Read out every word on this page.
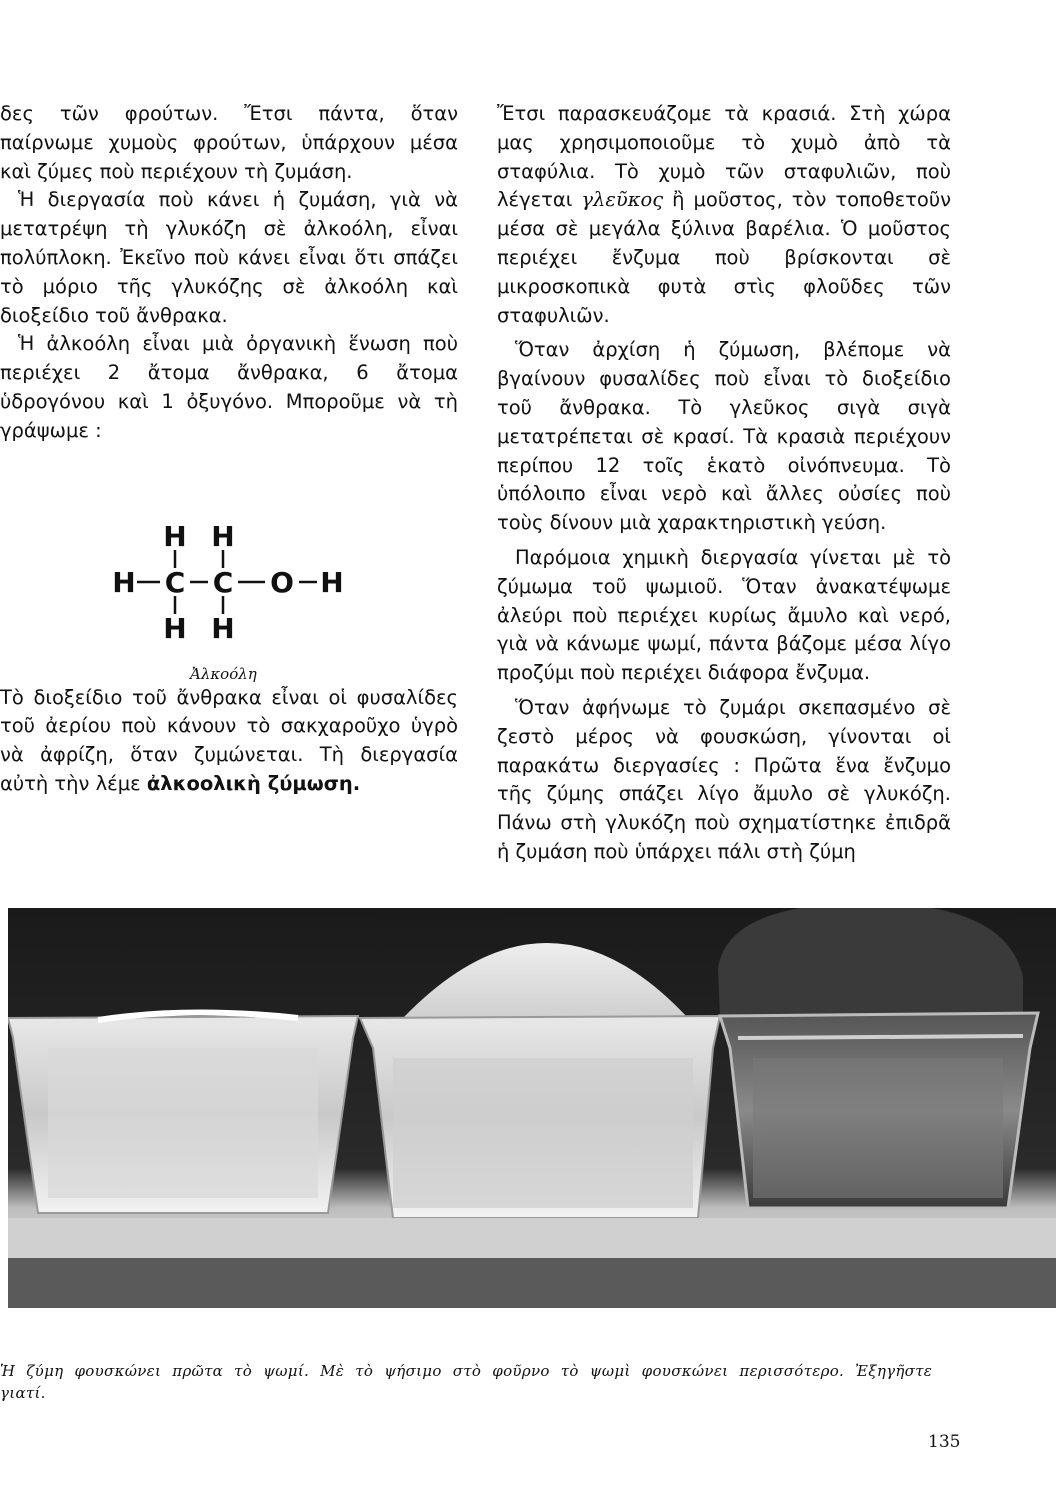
δες τῶν φρούτων. Ἔτσι πάντα, ὅταν παίρνωμε χυμοὺς φρούτων, ὑπάρχουν μέσα καὶ ζύμες ποὺ περιέχουν τὴ ζυμάση.

Ἡ διεργασία ποὺ κάνει ἡ ζυμάση, γιὰ νὰ μετατρέψη τὴ γλυκόζη σὲ ἀλκοόλη, εἶναι πολύπλοκη. Ἐκεῖνο ποὺ κάνει εἶναι ὅτι σπάζει τὸ μόριο τῆς γλυκόζης σὲ ἀλκοόλη καὶ διοξείδιο τοῦ ἄνθρακα.

Ἡ ἀλκοόλη εἶναι μιὰ ὀργανικὴ ἕνωση ποὺ περιέχει 2 ἄτομα ἄνθρακα, 6 ἄτομα ὑδρογόνου καὶ 1 ὀξυγόνο. Μποροῦμε νὰ τὴ γράψωμε :

Τὸ διοξείδιο τοῦ ἄνθρακα εἶναι οἱ φυσαλίδες τοῦ ἀερίου ποὺ κάνουν τὸ σακχαροῦχο ὑγρὸ νὰ ἀφρίζη, ὅταν ζυμώνεται. Τὴ διεργασία αὐτὴ τὴν λέμε ἀλκοολικὴ ζύμωση.

H H
H C C O H
H H
Ἀλκοόλη

Ἔτσι παρασκευάζομε τὰ κρασιά. Στὴ χώρα μας χρησιμοποιοῦμε τὸ χυμὸ ἀπὸ τὰ σταφύλια. Τὸ χυμὸ τῶν σταφυλιῶν, ποὺ λέγεται γλεῦκος ἢ μοῦστος, τὸν τοποθετοῦν μέσα σὲ μεγάλα ξύλινα βαρέλια. Ὁ μοῦστος περιέχει ἔνζυμα ποὺ βρίσκονται σὲ μικροσκοπικὰ φυτὰ στὶς φλοῦδες τῶν σταφυλιῶν.

Ὅταν ἀρχίση ἡ ζύμωση, βλέπομε νὰ βγαίνουν φυσαλίδες ποὺ εἶναι τὸ διοξείδιο τοῦ ἄνθρακα. Τὸ γλεῦκος σιγὰ σιγὰ μετατρέπεται σὲ κρασί. Τὰ κρασιὰ περιέχουν περίπου 12 τοῖς ἑκατὸ οἰνόπνευμα. Τὸ ὑπόλοιπο εἶναι νερὸ καὶ ἄλλες οὐσίες ποὺ τοὺς δίνουν μιὰ χαρακτηριστικὴ γεύση.

Παρόμοια χημικὴ διεργασία γίνεται μὲ τὸ ζύμωμα τοῦ ψωμιοῦ. Ὅταν ἀνακατέψωμε ἀλεύρι ποὺ περιέχει κυρίως ἄμυλο καὶ νερό, γιὰ νὰ κάνωμε ψωμί, πάντα βάζομε μέσα λίγο προζύμι ποὺ περιέχει διάφορα ἔνζυμα.

Ὅταν ἀφήνωμε τὸ ζυμάρι σκεπασμένο σὲ ζεστὸ μέρος νὰ φουσκώση, γίνονται οἱ παρακάτω διεργασίες : Πρῶτα ἕνα ἔνζυμο τῆς ζύμης σπάζει λίγο ἄμυλο σὲ γλυκόζη. Πάνω στὴ γλυκόζη ποὺ σχηματίστηκε ἐπιδρᾶ ἡ ζυμάση ποὺ ὑπάρχει πάλι στὴ ζύμη

Ἡ ζύμη φουσκώνει πρῶτα τὸ ψωμί. Μὲ τὸ ψήσιμο στὸ φοῦρνο τὸ ψωμὶ φουσκώνει περισσότερο. Ἐξηγῆστε γιατί.
135
